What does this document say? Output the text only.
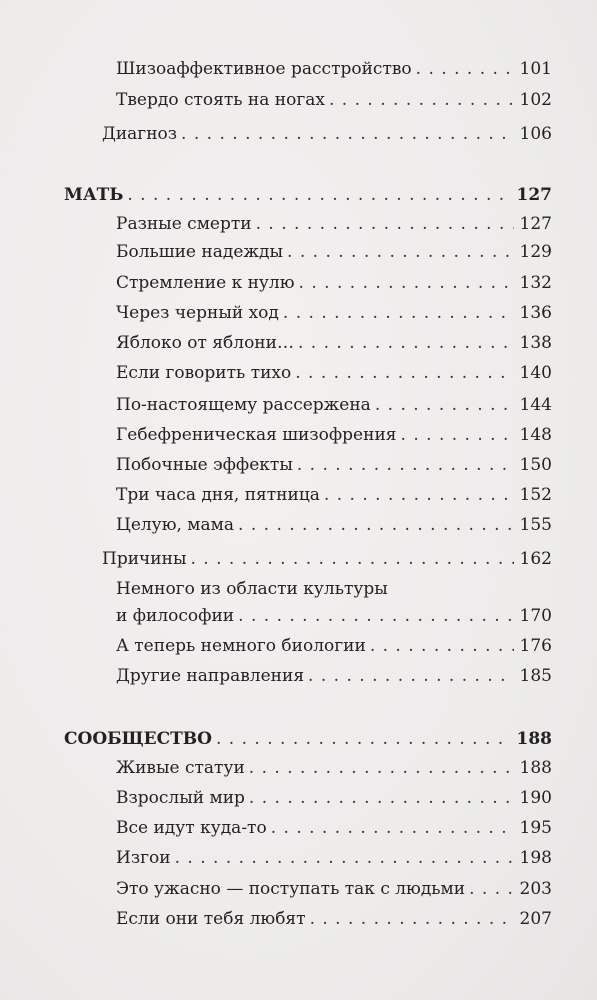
Шизоаффективное расстройство . . .	101
Твердо стоять на ногах . . .	102
Диагноз . . .	106
МАТЬ . . .	127
Разные смерти . . .	127
Большие надежды . . .	129
Стремление к нулю . . .	132
Через черный ход . . .	136
Яблоко от яблони… . . .	138
Если говорить тихо . . .	140
По-настоящему рассержена . . .	144
Гебефреническая шизофрения . . .	148
Побочные эффекты . . .	150
Три часа дня, пятница . . .	152
Целую, мама . . .	155
Причины . . .	162
Немного из области культуры
и философии . . .	170
А теперь немного биологии . . .	176
Другие направления . . .	185
СООБЩЕСТВО . . .	188
Живые статуи . . .	188
Взрослый мир . . .	190
Все идут куда-то . . .	195
Изгои . . .	198
Это ужасно — поступать так с людьми . . .	203
Если они тебя любят . . .	207
